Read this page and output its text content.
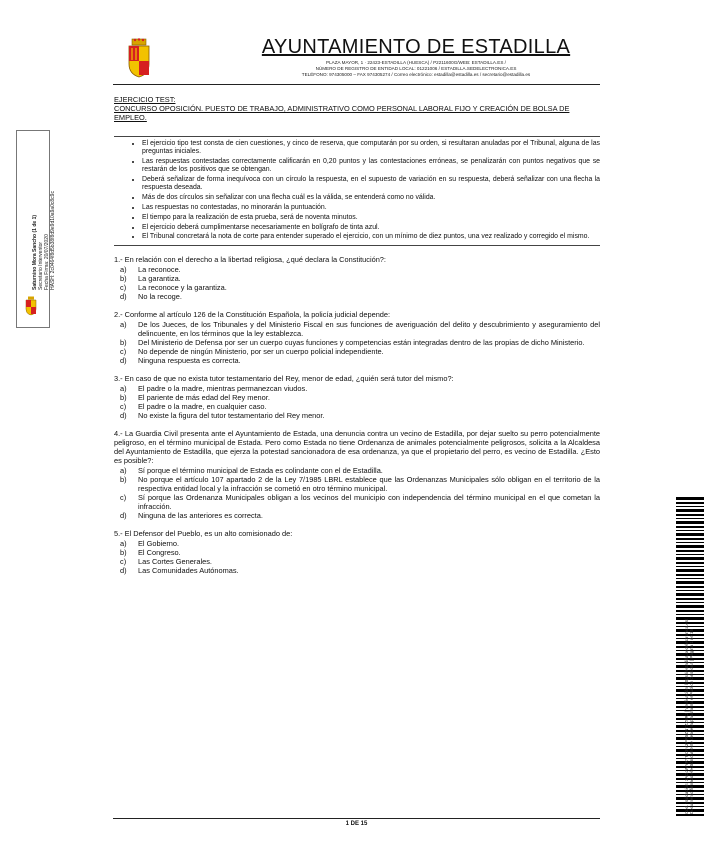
AYUNTAMIENTO DE ESTADILLA
PLAZA MAYOR, 1 · 22423-ESTADILLA (HUESCA) / P2211600G/WEB: ESTADILLA.ES /
NÚMERO DE REGISTRO DE ENTIDAD LOCAL: 01221006 / ESTADILLA.SEDELECTRONICA.ES
TELÉFONO: 974305000 – FAX 974305274 / Correo electrónico: estadilla@estadilla.es / secretario@estadilla.es
Saturnino Mora Sancho (1 de 1) Secretario Interventor Fecha Firma: 20/07/2020 HASH: 2c0464f8d5b38f8d9e9d10a9a0c8c9c
Cód. Validación: 3ADJWYRYRCF4ZPR5ZN7ZZ9RJ | Verificación: https://estadilla.sedelectronica.es/ Documento firmado electrónicamente desde la plataforma esPublico Gestiona | Página 1 de 15
EJERCICIO TEST:
CONCURSO OPOSICIÓN. PUESTO DE TRABAJO, ADMINISTRATIVO COMO PERSONAL LABORAL FIJO Y CREACIÓN DE BOLSA DE EMPLEO.
• El ejercicio tipo test consta de cien cuestiones, y cinco de reserva, que computarán por su orden, si resultaran anuladas por el Tribunal, alguna de las preguntas iniciales.
• Las respuestas contestadas correctamente calificarán en 0,20 puntos y las contestaciones erróneas, se penalizarán con puntos negativos que se restarán de los positivos que se obtengan.
• Deberá señalizar de forma inequívoca con un círculo la respuesta, en el supuesto de variación en su respuesta, deberá señalizar con una flecha la respuesta deseada.
• Más de dos círculos sin señalizar con una flecha cuál es la válida, se entenderá como no válida.
• Las respuestas no contestadas, no minorarán la puntuación.
• El tiempo para la realización de esta prueba, será de noventa minutos.
• El ejercicio deberá cumplimentarse necesariamente en bolígrafo de tinta azul.
• El Tribunal concretará la nota de corte para entender superado el ejercicio, con un mínimo de diez puntos, una vez realizado y corregido el mismo.
1.- En relación con el derecho a la libertad religiosa, ¿qué declara la Constitución?:
a)	La reconoce.
b)	La garantiza.
c)	La reconoce y la garantiza.
d)	No la recoge.
2.- Conforme al artículo 126 de la Constitución Española, la policía judicial depende:
a)	De los Jueces, de los Tribunales y del Ministerio Fiscal en sus funciones de averiguación del delito y descubrimiento y aseguramiento del delincuente, en los términos que la ley establezca.
b)	Del Ministerio de Defensa por ser un cuerpo cuyas funciones y competencias están integradas dentro de las propias de dicho Ministerio.
c)	No depende de ningún Ministerio, por ser un cuerpo policial independiente.
d)	Ninguna respuesta es correcta.
3.- En caso de que no exista tutor testamentario del Rey, menor de edad, ¿quién será tutor del mismo?:
a)	El padre o la madre, mientras permanezcan viudos.
b)	El pariente de más edad del Rey menor.
c)	El padre o la madre, en cualquier caso.
d)	No existe la figura del tutor testamentario del Rey menor.
4.- La Guardia Civil presenta ante el Ayuntamiento de Estada, una denuncia contra un vecino de Estadilla, por dejar suelto su perro potencialmente peligroso, en el término municipal de Estada. Pero como Estada no tiene Ordenanza de animales potencialmente peligrosos, solicita a la Alcaldesa del Ayuntamiento de Estadilla, que ejerza la potestad sancionadora de esa ordenanza, ya que el propietario del perro, es vecino de Estadilla. ¿Esto es posible?:
a)	Sí porque el término municipal de Estada es colindante con el de Estadilla.
b)	No porque el artículo 107 apartado 2 de la Ley 7/1985 LBRL establece que las Ordenanzas Municipales sólo obligan en el territorio de la respectiva entidad local y la infracción se cometió en otro término municipal.
c)	Sí porque las Ordenanza Municipales obligan a los vecinos del municipio con independencia del término municipal en el que cometan la infracción.
d)	Ninguna de las anteriores es correcta.
5.- El Defensor del Pueblo, es un alto comisionado de:
a)	El Gobierno.
b)	El Congreso.
c)	Las Cortes Generales.
d)	Las Comunidades Autónomas.
1 DE 15
